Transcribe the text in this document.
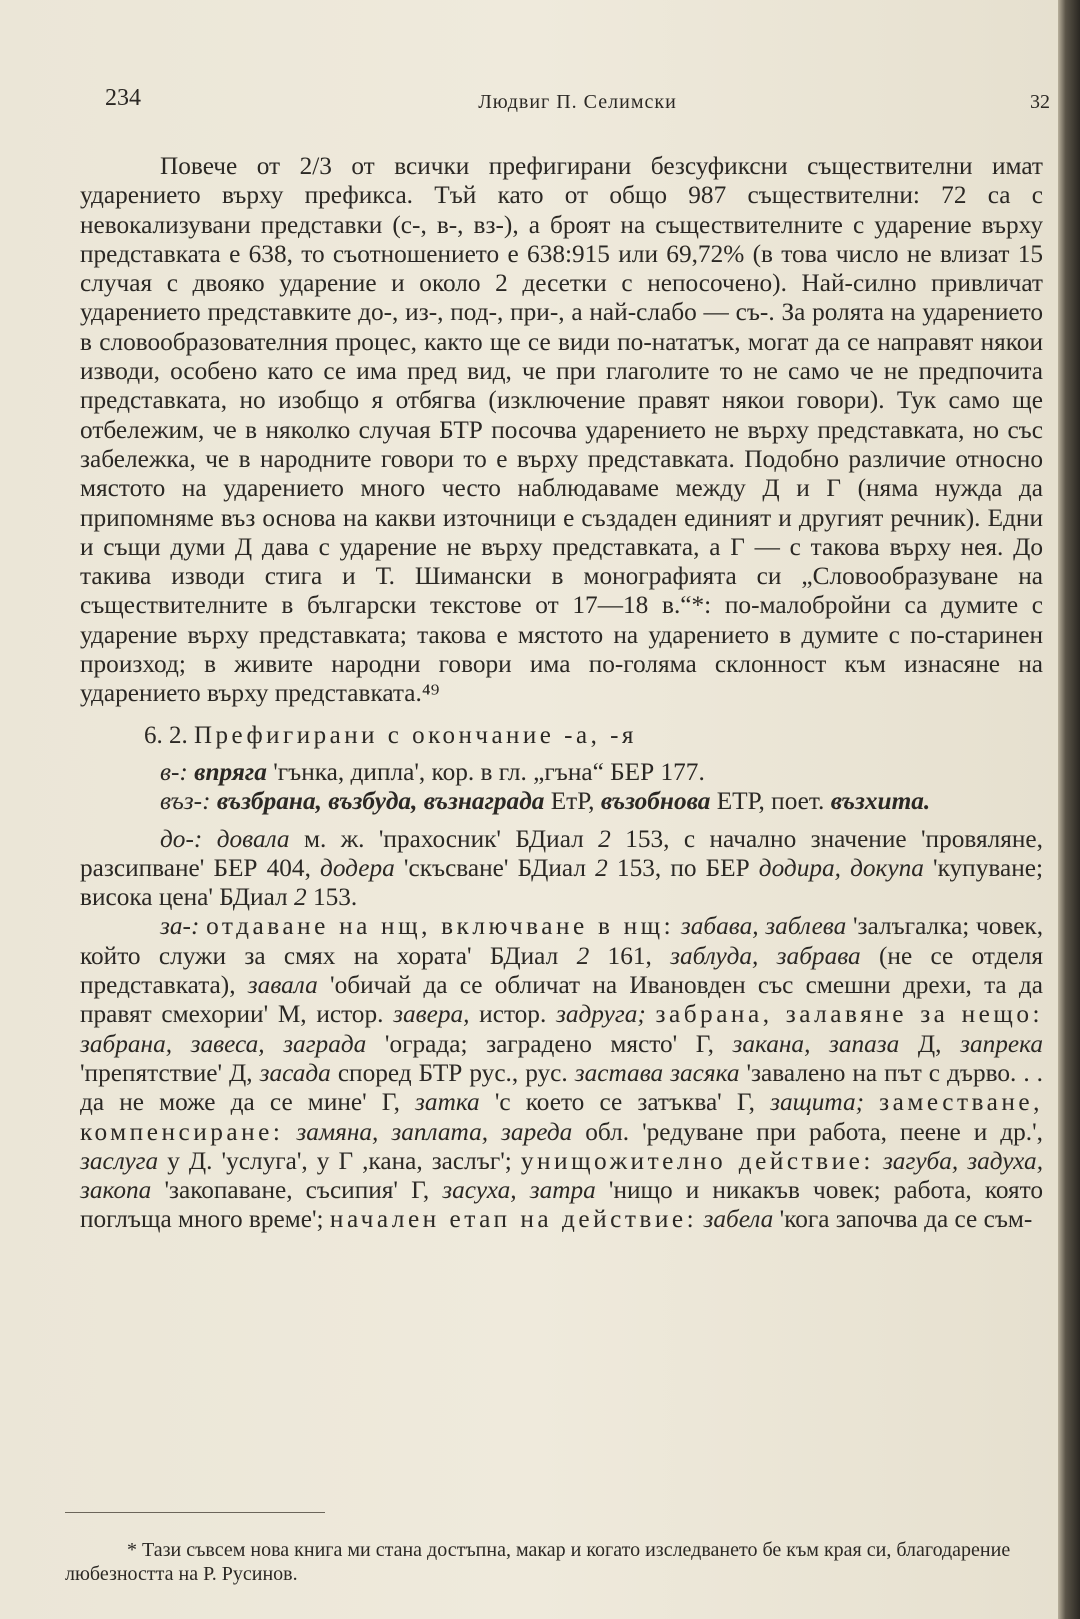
234	Людвиг П. Селимски	32

Повече от 2/3 от всички префигирани безсуфиксни съществителни имат ударението върху префикса. Тъй като от общо 987 съществителни: 72 са с невокализувани представки (с-, в-, вз-), а броят на съществителните с ударение върху представката е 638, то съотношението е 638:915 или 69,72% (в това число не влизат 15 случая с двояко ударение и около 2 десетки с непосочено). Най-силно привличат ударението представките до-, из-, под-, при-, а най-слабо — съ-. За ролята на ударението в словообразователния процес, както ще се види по-нататък, могат да се направят някои изводи, особено като се има пред вид, че при глаголите то не само че не предпочита представката, но изобщо я отбягва (изключение правят някои говори). Тук само ще отбележим, че в няколко случая БТР посочва ударението не върху представката, но със забележка, че в народните говори то е върху представката. Подобно различие относно мястото на ударението много често наблюдаваме между Д и Г (няма нужда да припомняме въз основа на какви източници е създаден единият и другият речник). Едни и същи думи Д дава с ударение не върху представката, а Г — с такова върху нея. До такива изводи стига и Т. Шимански в монографията си „Словообразуване на съществителните в български текстове от 17—18 в.“*: по-малобройни са думите с ударение върху представката; такова е мястото на ударението в думите с по-старинен произход; в живите народни говори има по-голяма склонност към изнасяне на ударението върху представката.⁴⁹

6. 2. Префигирани с окончание -а, -я

в-: впряга 'гънка, дипла', кор. в гл. „гъна“ БЕР 177.

въз-: възбрана, възбуда, възнаграда ЕтР, възобнова ЕТР, поет. възхита.

до-: довала м. ж. 'прахосник' БДиал 2 153, с начално значение 'провяляне, разсипване' БЕР 404, додера 'скъсване' БДиал 2 153, по БЕР додира, докупа 'купуване; висока цена' БДиал 2 153.

за-: отдаване на нщ, включване в нщ: забава, заблева 'залъгалка; човек, който служи за смях на хората' БДиал 2 161, заблуда, забрава (не се отделя представката), завала 'обичай да се обличат на Ивановден със смешни дрехи, та да правят смехории' М, истор. завера, истор. задруга; забрана, залавяне за нещо: забрана, завеса, заграда 'ограда; заградено място' Г, закана, запаза Д, запрека 'препятствие' Д, засада според БТР рус., рус. застава засяка 'завалено на път с дърво. . . да не може да се мине' Г, затка 'с което се затъква' Г, защита; заместване, компенсиране: замяна, заплата, заредa обл. 'редуване при работа, пеене и др.', заслуга у Д. 'услуга', у Г ,кана, заслъг'; унищожително действие: загуба, задуха, закопа 'закопаване, съсипия' Г, засуха, затра 'нищо и никакъв човек; работа, която поглъща много време'; начален етап на действие: забела 'кога започва да се съм-

* Тази съвсем нова книга ми стана достъпна, макар и когато изследването бе към края си, благодарение любезността на Р. Русинов.
